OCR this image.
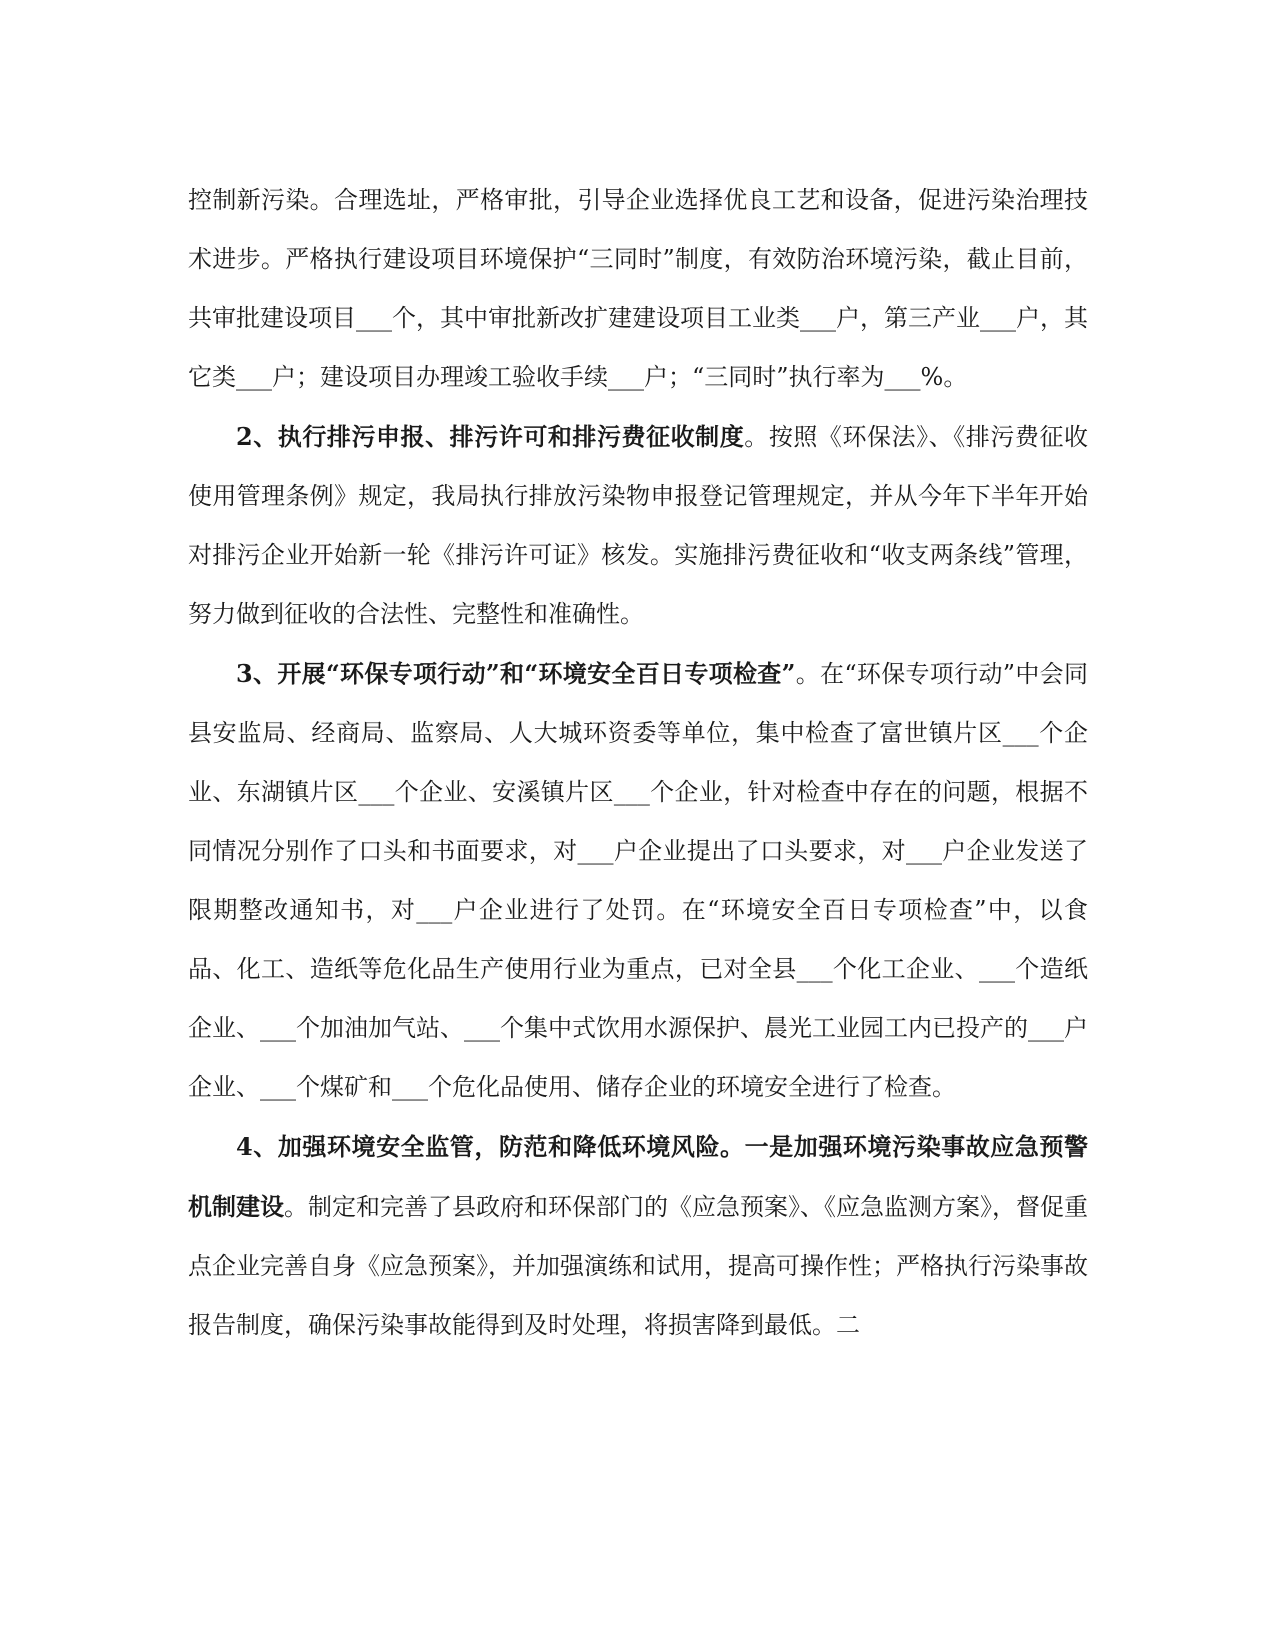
控制新污染。合理选址，严格审批，引导企业选择优良工艺和设备，促进污染治理技术进步。严格执行建设项目环境保护“三同时”制度，有效防治环境污染，截止目前，共审批建设项目___个，其中审批新改扩建建设项目工业类___户，第三产业___户，其它类___户；建设项目办理竣工验收手续___户；“三同时”执行率为___%。

2、执行排污申报、排污许可和排污费征收制度。按照《环保法》、《排污费征收使用管理条例》规定，我局执行排放污染物申报登记管理规定，并从今年下半年开始对排污企业开始新一轮《排污许可证》核发。实施排污费征收和“收支两条线”管理，努力做到征收的合法性、完整性和准确性。

3、开展“环保专项行动”和“环境安全百日专项检查”。在“环保专项行动”中会同县安监局、经商局、监察局、人大城环资委等单位，集中检查了富世镇片区___个企业、东湖镇片区___个企业、安溪镇片区___个企业，针对检查中存在的问题，根据不同情况分别作了口头和书面要求，对___户企业提出了口头要求，对___户企业发送了限期整改通知书，对___户企业进行了处罚。在“环境安全百日专项检查”中，以食品、化工、造纸等危化品生产使用行业为重点，已对全县___个化工企业、___个造纸企业、___个加油加气站、___个集中式饮用水源保护、晨光工业园工内已投产的___户企业、___个煤矿和___个危化品使用、储存企业的环境安全进行了检查。

4、加强环境安全监管，防范和降低环境风险。一是加强环境污染事故应急预警机制建设。制定和完善了县政府和环保部门的《应急预案》、《应急监测方案》，督促重点企业完善自身《应急预案》，并加强演练和试用，提高可操作性；严格执行污染事故报告制度，确保污染事故能得到及时处理，将损害降到最低。二
